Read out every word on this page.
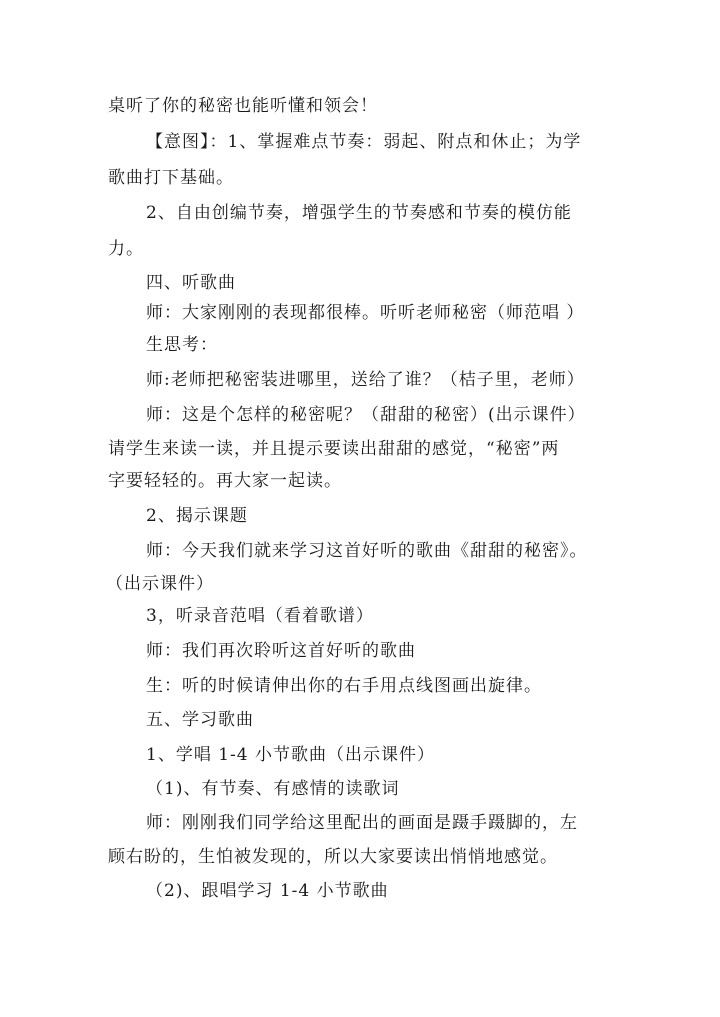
桌听了你的秘密也能听懂和领会！
【意图】：1、掌握难点节奏：弱起、附点和休止；为学
歌曲打下基础。
2、自由创编节奏，增强学生的节奏感和节奏的模仿能
力。
四、听歌曲
师：大家刚刚的表现都很棒。听听老师秘密（师范唱 ）
生思考：
师:老师把秘密装进哪里，送给了谁？（桔子里，老师）
师：这是个怎样的秘密呢？（甜甜的秘密）(出示课件）
请学生来读一读，并且提示要读出甜甜的感觉，“秘密”两
字要轻轻的。再大家一起读。
2、揭示课题
师：今天我们就来学习这首好听的歌曲《甜甜的秘密》。
（出示课件）
3，听录音范唱（看着歌谱）
师：我们再次聆听这首好听的歌曲
生：听的时候请伸出你的右手用点线图画出旋律。
五、学习歌曲
1、学唱 1-4 小节歌曲（出示课件）
（1)、有节奏、有感情的读歌词
师：刚刚我们同学给这里配出的画面是蹑手蹑脚的，左
顾右盼的，生怕被发现的，所以大家要读出悄悄地感觉。
（2)、跟唱学习 1-4 小节歌曲
